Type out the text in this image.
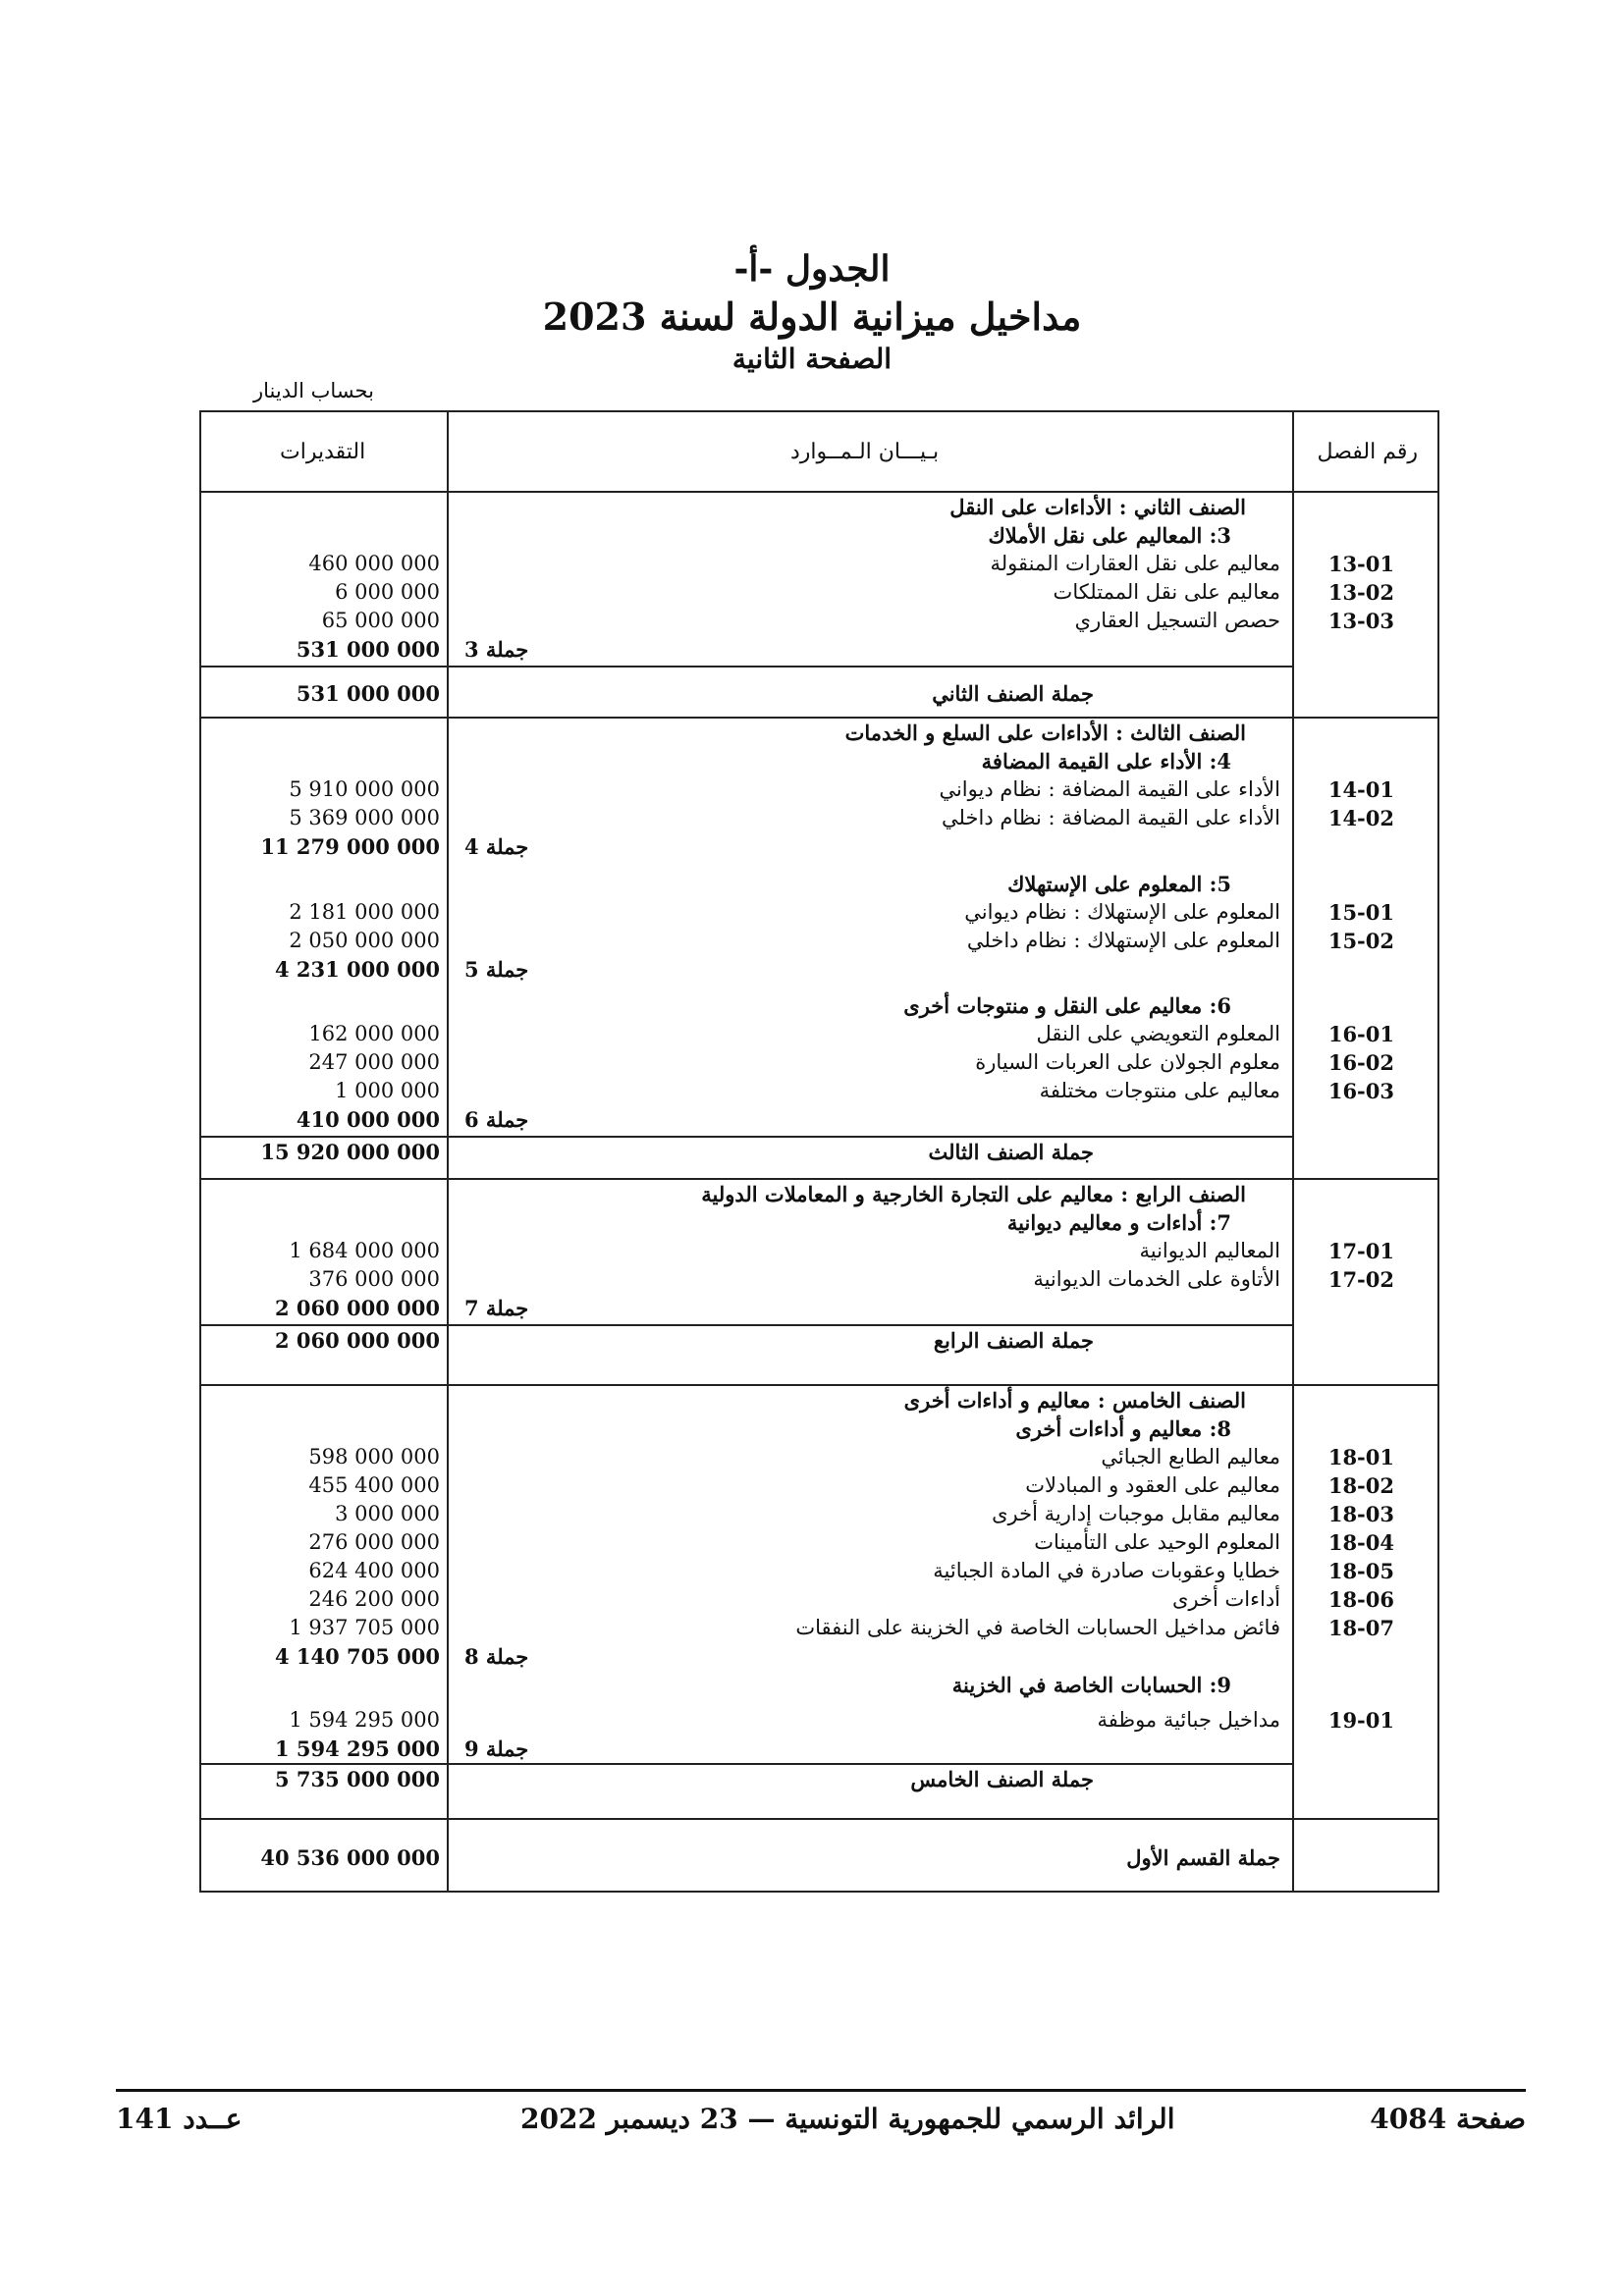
الجدول -أ-
مداخيل ميزانية الدولة لسنة 2023
الصفحة الثانية
بحساب الدينار
التقديرات	بـيـــان الـمــوارد	رقم الفصل
الصنف الثاني : الأداءات على النقل
3: المعاليم على نقل الأملاك
460 000 000	معاليم على نقل العقارات المنقولة 13-01
6 000 000	معاليم على نقل الممتلكات 13-02
65 000 000	حصص التسجيل العقاري 13-03
531 000 000 جملة 3
531 000 000	جملة الصنف الثاني
الصنف الثالث : الأداءات على السلع و الخدمات
4: الأداء على القيمة المضافة
5 910 000 000	الأداء على القيمة المضافة : نظام ديواني 14-01
5 369 000 000	الأداء على القيمة المضافة : نظام داخلي 14-02
11 279 000 000 جملة 4
5: المعلوم على الإستهلاك
2 181 000 000	المعلوم على الإستهلاك : نظام ديواني 15-01
2 050 000 000	المعلوم على الإستهلاك : نظام داخلي 15-02
4 231 000 000 جملة 5
6: معاليم على النقل و منتوجات أخرى
162 000 000	المعلوم التعويضي على النقل 16-01
247 000 000	معلوم الجولان على العربات السيارة 16-02
1 000 000	معاليم على منتوجات مختلفة 16-03
410 000 000 جملة 6
15 920 000 000	جملة الصنف الثالث
الصنف الرابع : معاليم على التجارة الخارجية و المعاملات الدولية
7: أداءات و معاليم ديوانية
1 684 000 000	المعاليم الديوانية 17-01
376 000 000	الأتاوة على الخدمات الديوانية 17-02
2 060 000 000 جملة 7
2 060 000 000	جملة الصنف الرابع
الصنف الخامس : معاليم و أداءات أخرى
8: معاليم و أداءات أخرى
598 000 000	معاليم الطابع الجبائي 18-01
455 400 000	معاليم على العقود و المبادلات 18-02
3 000 000	معاليم مقابل موجبات إدارية أخرى 18-03
276 000 000	المعلوم الوحيد على التأمينات 18-04
624 400 000	خطايا وعقوبات صادرة في المادة الجبائية 18-05
246 200 000	أداءات أخرى 18-06
1 937 705 000	فائض مداخيل الحسابات الخاصة في الخزينة على النفقات 18-07
4 140 705 000 جملة 8
9: الحسابات الخاصة في الخزينة
1 594 295 000	مداخيل جبائية موظفة 19-01
1 594 295 000 جملة 9
5 735 000 000	جملة الصنف الخامس
40 536 000 000	جملة القسم الأول
عــدد 141	الرائد الرسمي للجمهورية التونسية — 23 ديسمبر 2022	صفحة 4084
